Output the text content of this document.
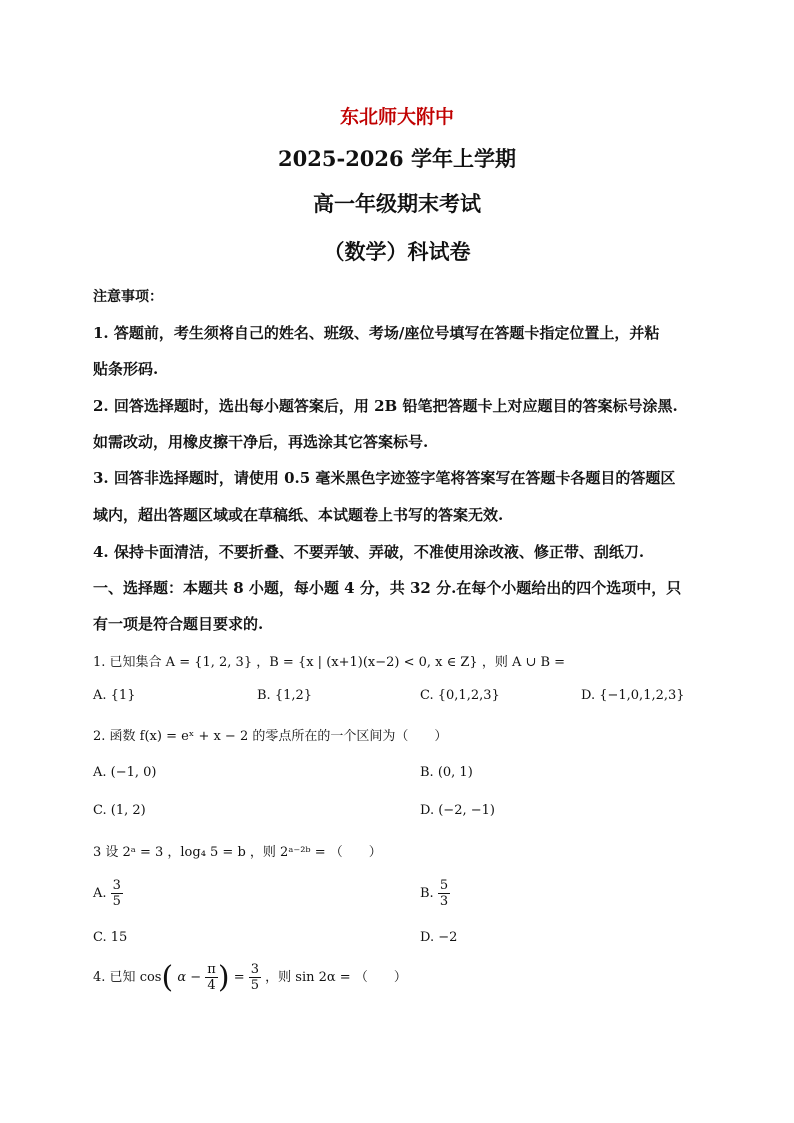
东北师大附中
2025-2026 学年上学期
高一年级期末考试
（数学）科试卷
注意事项：
1. 答题前，考生须将自己的姓名、班级、考场/座位号填写在答题卡指定位置上，并粘
贴条形码.
2. 回答选择题时，选出每小题答案后，用 2B 铅笔把答题卡上对应题目的答案标号涂黑.
如需改动，用橡皮擦干净后，再选涂其它答案标号.
3. 回答非选择题时，请使用 0.5 毫米黑色字迹签字笔将答案写在答题卡各题目的答题区
域内，超出答题区域或在草稿纸、本试题卷上书写的答案无效.
4. 保持卡面清洁，不要折叠、不要弄皱、弄破，不准使用涂改液、修正带、刮纸刀.
一、选择题：本题共 8 小题，每小题 4 分，共 32 分.在每个小题给出的四个选项中，只
有一项是符合题目要求的.
1. 已知集合 A = {1, 2, 3} ，B = {x | (x+1)(x−2) < 0, x ∈ Z} ，则 A ∪ B =
A. {1}	B. {1,2}	C. {0,1,2,3}	D. {−1,0,1,2,3}
2. 函数 f(x) = eˣ + x − 2 的零点所在的一个区间为（　　）
A. (−1, 0)	B. (0, 1)
C. (1, 2)	D. (−2, −1)
3 设 2ᵃ = 3 ，log₄ 5 = b ，则 2ᵃ⁻²ᵇ = （　　）
A. $\frac{3}{5}$	B. $\frac{5}{3}$
C. 15	D. −2
4. 已知 cos( $\alpha - \frac{\pi}{4}$ ) = $\frac{3}{5}$ ，则 sin 2α = （　　）
